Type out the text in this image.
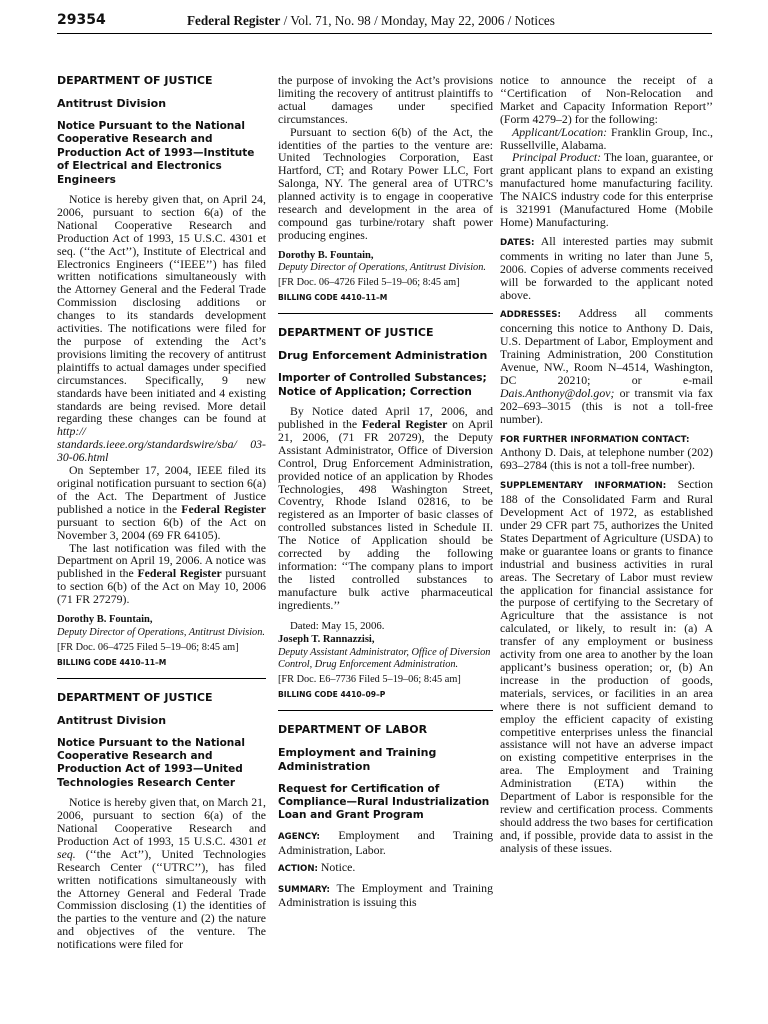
29354	Federal Register / Vol. 71, No. 98 / Monday, May 22, 2006 / Notices
DEPARTMENT OF JUSTICE
Antitrust Division
Notice Pursuant to the National Cooperative Research and Production Act of 1993—Institute of Electrical and Electronics Engineers

Notice is hereby given that, on April 24, 2006, pursuant to section 6(a) of the National Cooperative Research and Production Act of 1993, 15 U.S.C. 4301 et seq. (‘‘the Act’’), Institute of Electrical and Electronics Engineers (‘‘IEEE’’) has filed written notifications simultaneously with the Attorney General and the Federal Trade Commission disclosing additions or changes to its standards development activities. The notifications were filed for the purpose of extending the Act’s provisions limiting the recovery of antitrust plaintiffs to actual damages under specified circumstances. Specifically, 9 new standards have been initiated and 4 existing standards are being revised. More detail regarding these changes can be found at http:// standards.ieee.org/standardswire/sba/ 03-30-06.html

On September 17, 2004, IEEE filed its original notification pursuant to section 6(a) of the Act. The Department of Justice published a notice in the Federal Register pursuant to section 6(b) of the Act on November 3, 2004 (69 FR 64105).

The last notification was filed with the Department on April 19, 2006. A notice was published in the Federal Register pursuant to section 6(b) of the Act on May 10, 2006 (71 FR 27279).

Dorothy B. Fountain,
Deputy Director of Operations, Antitrust Division.
[FR Doc. 06–4725 Filed 5–19–06; 8:45 am]
BILLING CODE 4410–11–M
DEPARTMENT OF JUSTICE
Antitrust Division
Notice Pursuant to the National Cooperative Research and Production Act of 1993—United Technologies Research Center

Notice is hereby given that, on March 21, 2006, pursuant to section 6(a) of the National Cooperative Research and Production Act of 1993, 15 U.S.C. 4301 et seq. (‘‘the Act’’), United Technologies Research Center (‘‘UTRC’’), has filed written notifications simultaneously with the Attorney General and Federal Trade Commission disclosing (1) the identities of the parties to the venture and (2) the nature and objectives of the venture. The notifications were filed for

the purpose of invoking the Act’s provisions limiting the recovery of antitrust plaintiffs to actual damages under specified circumstances.

Pursuant to section 6(b) of the Act, the identities of the parties to the venture are: United Technologies Corporation, East Hartford, CT; and Rotary Power LLC, Fort Salonga, NY. The general area of UTRC’s planned activity is to engage in cooperative research and development in the area of compound gas turbine/rotary shaft power producing engines.

Dorothy B. Fountain,
Deputy Director of Operations, Antitrust Division.
[FR Doc. 06–4726 Filed 5–19–06; 8:45 am]
BILLING CODE 4410–11–M
DEPARTMENT OF JUSTICE
Drug Enforcement Administration
Importer of Controlled Substances; Notice of Application; Correction

By Notice dated April 17, 2006, and published in the Federal Register on April 21, 2006, (71 FR 20729), the Deputy Assistant Administrator, Office of Diversion Control, Drug Enforcement Administration, provided notice of an application by Rhodes Technologies, 498 Washington Street, Coventry, Rhode Island 02816, to be registered as an Importer of basic classes of controlled substances listed in Schedule II. The Notice of Application should be corrected by adding the following information: ‘‘The company plans to import the listed controlled substances to manufacture bulk active pharmaceutical ingredients.’’

Dated: May 15, 2006.
Joseph T. Rannazzisi,
Deputy Assistant Administrator, Office of Diversion Control, Drug Enforcement Administration.
[FR Doc. E6–7736 Filed 5–19–06; 8:45 am]
BILLING CODE 4410–09–P
DEPARTMENT OF LABOR
Employment and Training Administration
Request for Certification of Compliance—Rural Industrialization Loan and Grant Program

AGENCY: Employment and Training Administration, Labor.

ACTION: Notice.

SUMMARY: The Employment and Training Administration is issuing this

notice to announce the receipt of a ‘‘Certification of Non-Relocation and Market and Capacity Information Report’’ (Form 4279–2) for the following:

Applicant/Location: Franklin Group, Inc., Russellville, Alabama.

Principal Product: The loan, guarantee, or grant applicant plans to expand an existing manufactured home manufacturing facility. The NAICS industry code for this enterprise is 321991 (Manufactured Home (Mobile Home) Manufacturing.

DATES: All interested parties may submit comments in writing no later than June 5, 2006. Copies of adverse comments received will be forwarded to the applicant noted above.

ADDRESSES: Address all comments concerning this notice to Anthony D. Dais, U.S. Department of Labor, Employment and Training Administration, 200 Constitution Avenue, NW., Room N–4514, Washington, DC 20210; or e-mail Dais.Anthony@dol.gov; or transmit via fax 202–693–3015 (this is not a toll-free number).

FOR FURTHER INFORMATION CONTACT:
Anthony D. Dais, at telephone number (202) 693–2784 (this is not a toll-free number).

SUPPLEMENTARY INFORMATION: Section 188 of the Consolidated Farm and Rural Development Act of 1972, as established under 29 CFR part 75, authorizes the United States Department of Agriculture (USDA) to make or guarantee loans or grants to finance industrial and business activities in rural areas. The Secretary of Labor must review the application for financial assistance for the purpose of certifying to the Secretary of Agriculture that the assistance is not calculated, or likely, to result in: (a) A transfer of any employment or business activity from one area to another by the loan applicant’s business operation; or, (b) An increase in the production of goods, materials, services, or facilities in an area where there is not sufficient demand to employ the efficient capacity of existing competitive enterprises unless the financial assistance will not have an adverse impact on existing competitive enterprises in the area. The Employment and Training Administration (ETA) within the Department of Labor is responsible for the review and certification process. Comments should address the two bases for certification and, if possible, provide data to assist in the analysis of these issues.
